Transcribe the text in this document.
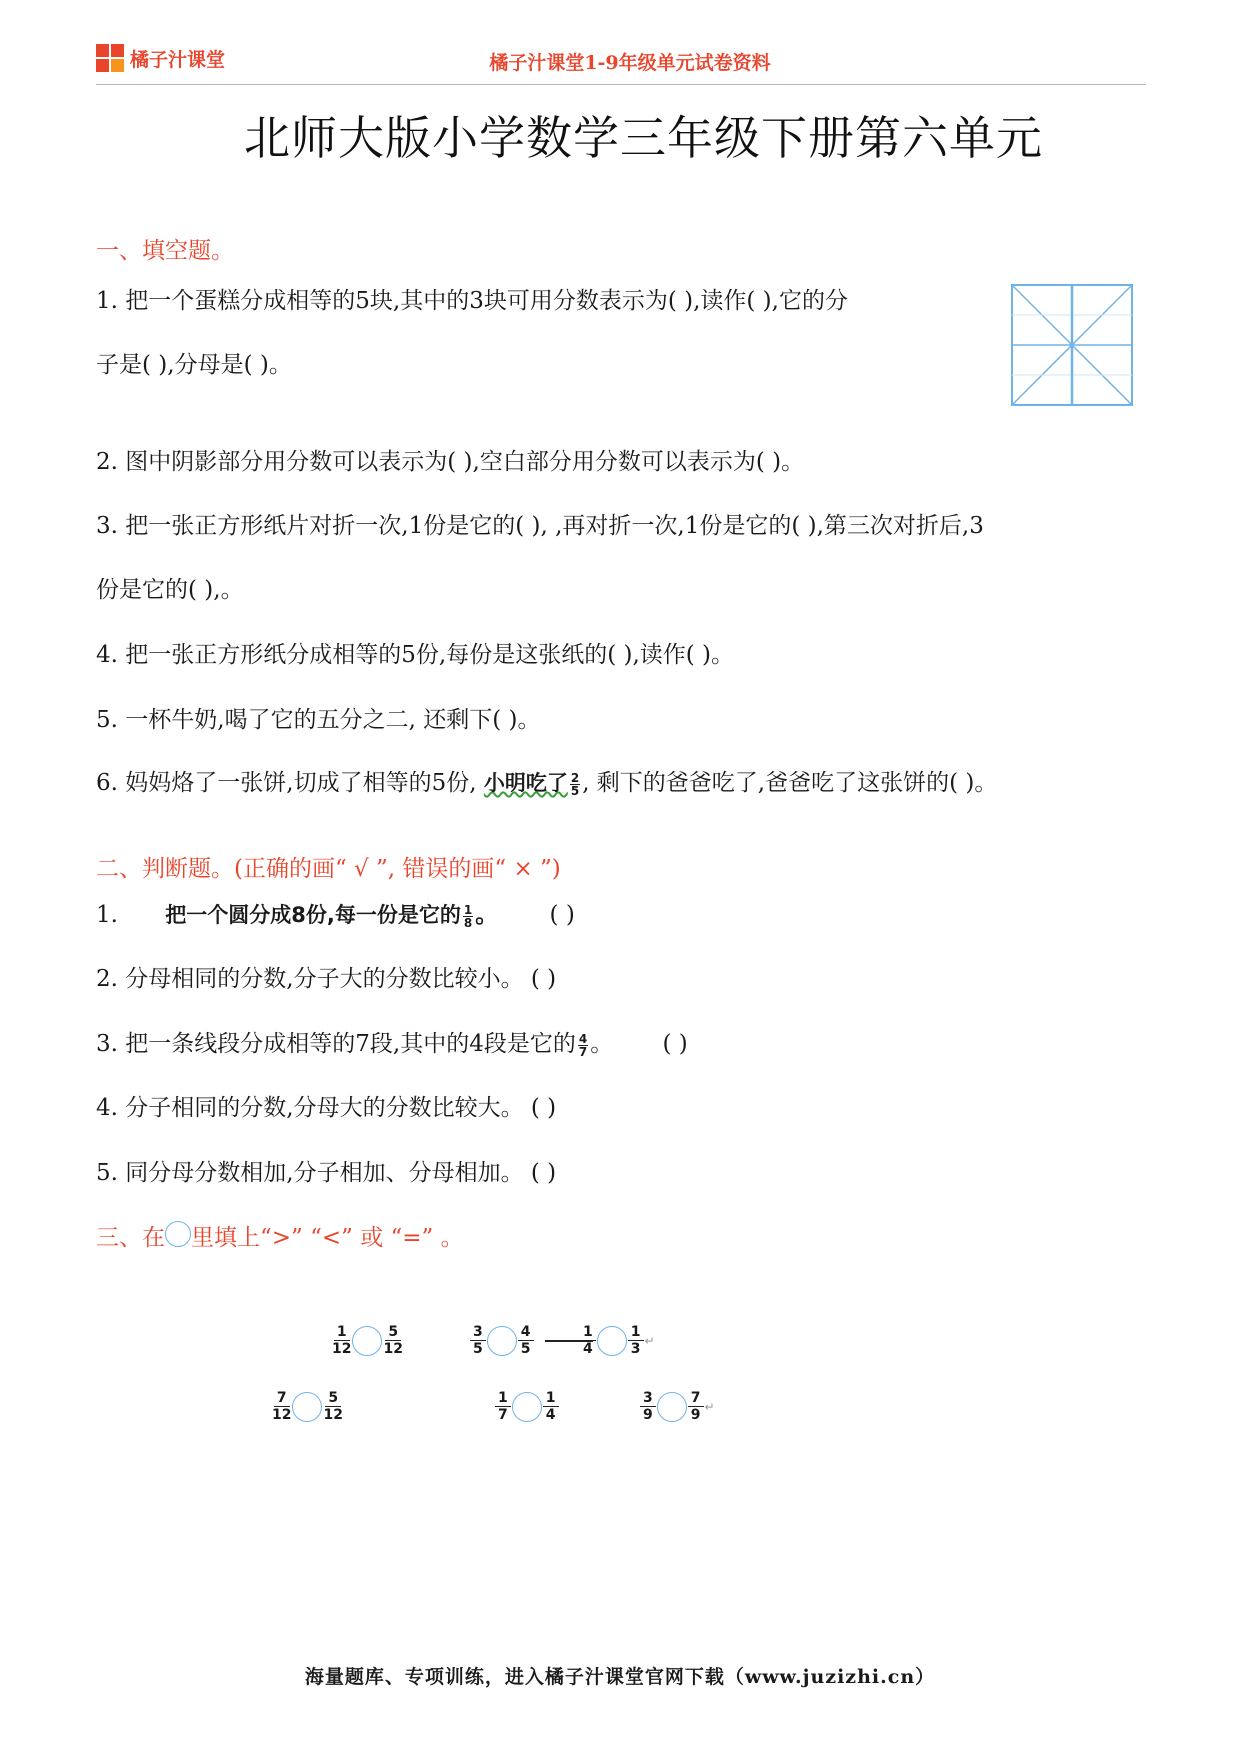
橘子汁课堂	橘子汁课堂1-9年级单元试卷资料
北师大版小学数学三年级下册第六单元
一、填空题。
1. 把一个蛋糕分成相等的5块,其中的3块可用分数表示为( ),读作( ),它的分
子是( ),分母是( )。
2. 图中阴影部分用分数可以表示为( ),空白部分用分数可以表示为( )。
3. 把一张正方形纸片对折一次,1份是它的( ), ,再对折一次,1份是它的( ),第三次对折后,3
份是它的( ),。
4. 把一张正方形纸分成相等的5份,每份是这张纸的( ),读作( )。
5. 一杯牛奶,喝了它的五分之二, 还剩下( )。
6. 妈妈烙了一张饼,切成了相等的5份, 小明吃了 $\frac{2}{5}$ , 剩下的爸爸吃了,爸爸吃了这张饼的( )。
二、判断题。(正确的画“ √ ”, 错误的画“ × ”)
1. 把一个圆分成8份,每一份是它的 $\frac{1}{8}$ 。 ( )
2. 分母相同的分数,分子大的分数比较小。 ( )
3. 把一条线段分成相等的7段,其中的4段是它的 $\frac{4}{7}$ 。 ( )
4. 分子相同的分数,分母大的分数比较大。 ( )
5. 同分母分数相加,分子相加、分母相加。 ( )
三、在 里填上“>” “<” 或 “=” 。
$\frac{1}{12} \frac{5}{12}$	$\frac{3}{5} \frac{4}{5}$	$\frac{1}{4} \frac{1}{3}$ ↵
$\frac{7}{12} \frac{5}{12}$	$\frac{1}{7} \frac{1}{4}$	$\frac{3}{9} \frac{7}{9}$ ↵
海量题库、专项训练，进入橘子汁课堂官网下载（www.juzizhi.cn）
